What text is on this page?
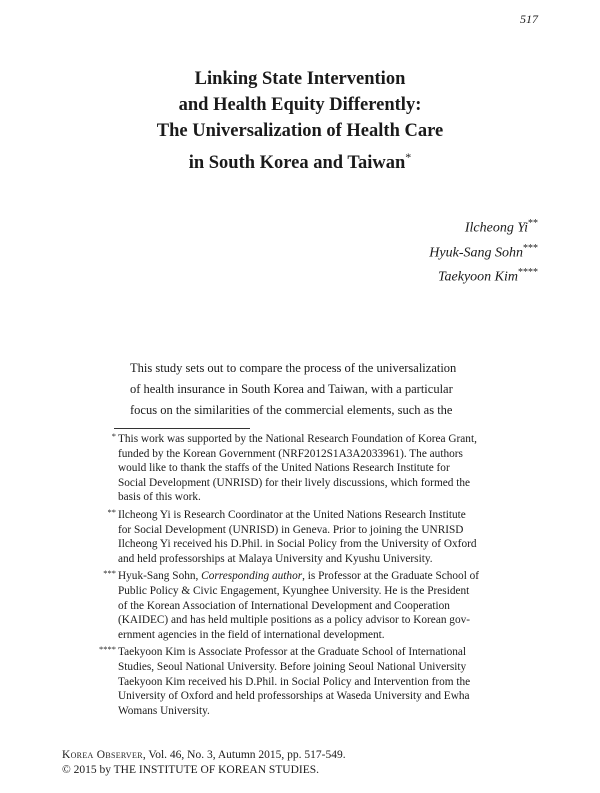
517
Linking State Intervention
and Health Equity Differently:
The Universalization of Health Care
in South Korea and Taiwan*
Ilcheong Yi**
Hyuk-Sang Sohn***
Taekyoon Kim****
This study sets out to compare the process of the universalization
of health insurance in South Korea and Taiwan, with a particular
focus on the similarities of the commercial elements, such as the
* This work was supported by the National Research Foundation of Korea Grant,
funded by the Korean Government (NRF2012S1A3A2033961). The authors
would like to thank the staffs of the United Nations Research Institute for
Social Development (UNRISD) for their lively discussions, which formed the
basis of this work.
** Ilcheong Yi is Research Coordinator at the United Nations Research Institute
for Social Development (UNRISD) in Geneva. Prior to joining the UNRISD
Ilcheong Yi received his D.Phil. in Social Policy from the University of Oxford
and held professorships at Malaya University and Kyushu University.
*** Hyuk-Sang Sohn, Corresponding author, is Professor at the Graduate School of
Public Policy & Civic Engagement, Kyunghee University. He is the President
of the Korean Association of International Development and Cooperation
(KAIDEC) and has held multiple positions as a policy advisor to Korean gov-
ernment agencies in the field of international development.
**** Taekyoon Kim is Associate Professor at the Graduate School of International
Studies, Seoul National University. Before joining Seoul National University
Taekyoon Kim received his D.Phil. in Social Policy and Intervention from the
University of Oxford and held professorships at Waseda University and Ewha
Womans University.
Korea Observer, Vol. 46, No. 3, Autumn 2015, pp. 517-549.
© 2015 by THE INSTITUTE OF KOREAN STUDIES.
